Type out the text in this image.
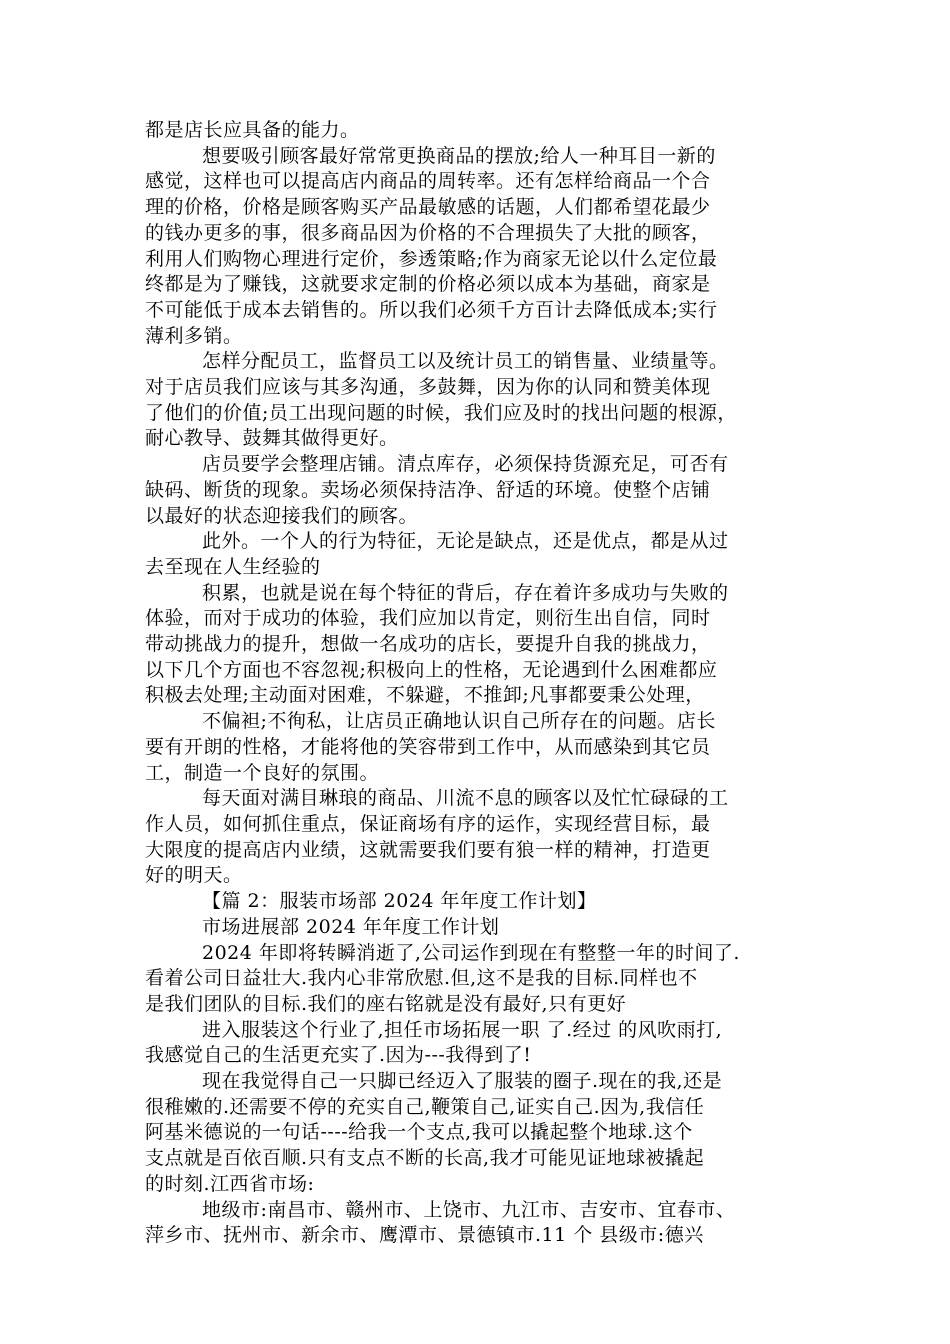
都是店长应具备的能力。
想要吸引顾客最好常常更换商品的摆放;给人一种耳目一新的
感觉，这样也可以提高店内商品的周转率。还有怎样给商品一个合
理的价格，价格是顾客购买产品最敏感的话题，人们都希望花最少
的钱办更多的事，很多商品因为价格的不合理损失了大批的顾客，
利用人们购物心理进行定价，参透策略;作为商家无论以什么定位最
终都是为了赚钱，这就要求定制的价格必须以成本为基础，商家是
不可能低于成本去销售的。所以我们必须千方百计去降低成本;实行
薄利多销。
怎样分配员工，监督员工以及统计员工的销售量、业绩量等。
对于店员我们应该与其多沟通，多鼓舞，因为你的认同和赞美体现
了他们的价值;员工出现问题的时候，我们应及时的找出问题的根源，
耐心教导、鼓舞其做得更好。
店员要学会整理店铺。清点库存，必须保持货源充足，可否有
缺码、断货的现象。卖场必须保持洁净、舒适的环境。使整个店铺
以最好的状态迎接我们的顾客。
此外。一个人的行为特征，无论是缺点，还是优点，都是从过
去至现在人生经验的
积累，也就是说在每个特征的背后，存在着许多成功与失败的
体验，而对于成功的体验，我们应加以肯定，则衍生出自信，同时
带动挑战力的提升，想做一名成功的店长，要提升自我的挑战力，
以下几个方面也不容忽视;积极向上的性格，无论遇到什么困难都应
积极去处理;主动面对困难，不躲避，不推卸;凡事都要秉公处理，
不偏袒;不徇私，让店员正确地认识自己所存在的问题。店长
要有开朗的性格，才能将他的笑容带到工作中，从而感染到其它员
工，制造一个良好的氛围。
每天面对满目琳琅的商品、川流不息的顾客以及忙忙碌碌的工
作人员，如何抓住重点，保证商场有序的运作，实现经营目标，最
大限度的提高店内业绩，这就需要我们要有狼一样的精神，打造更
好的明天。
【篇 2：服装市场部 2024 年年度工作计划】
市场进展部 2024 年年度工作计划
2024 年即将转瞬消逝了,公司运作到现在有整整一年的时间了.
看着公司日益壮大.我内心非常欣慰.但,这不是我的目标.同样也不
是我们团队的目标.我们的座右铭就是没有最好,只有更好
进入服装这个行业了,担任市场拓展一职 了.经过 的风吹雨打,
我感觉自己的生活更充实了.因为---我得到了!
现在我觉得自己一只脚已经迈入了服装的圈子.现在的我,还是
很稚嫩的.还需要不停的充实自己,鞭策自己,证实自己.因为,我信任
阿基米德说的一句话----给我一个支点,我可以撬起整个地球.这个
支点就是百依百顺.只有支点不断的长高,我才可能见证地球被撬起
的时刻.江西省市场:
地级市:南昌市、赣州市、上饶市、九江市、吉安市、宜春市、
萍乡市、抚州市、新余市、鹰潭市、景德镇市.11 个 县级市:德兴
